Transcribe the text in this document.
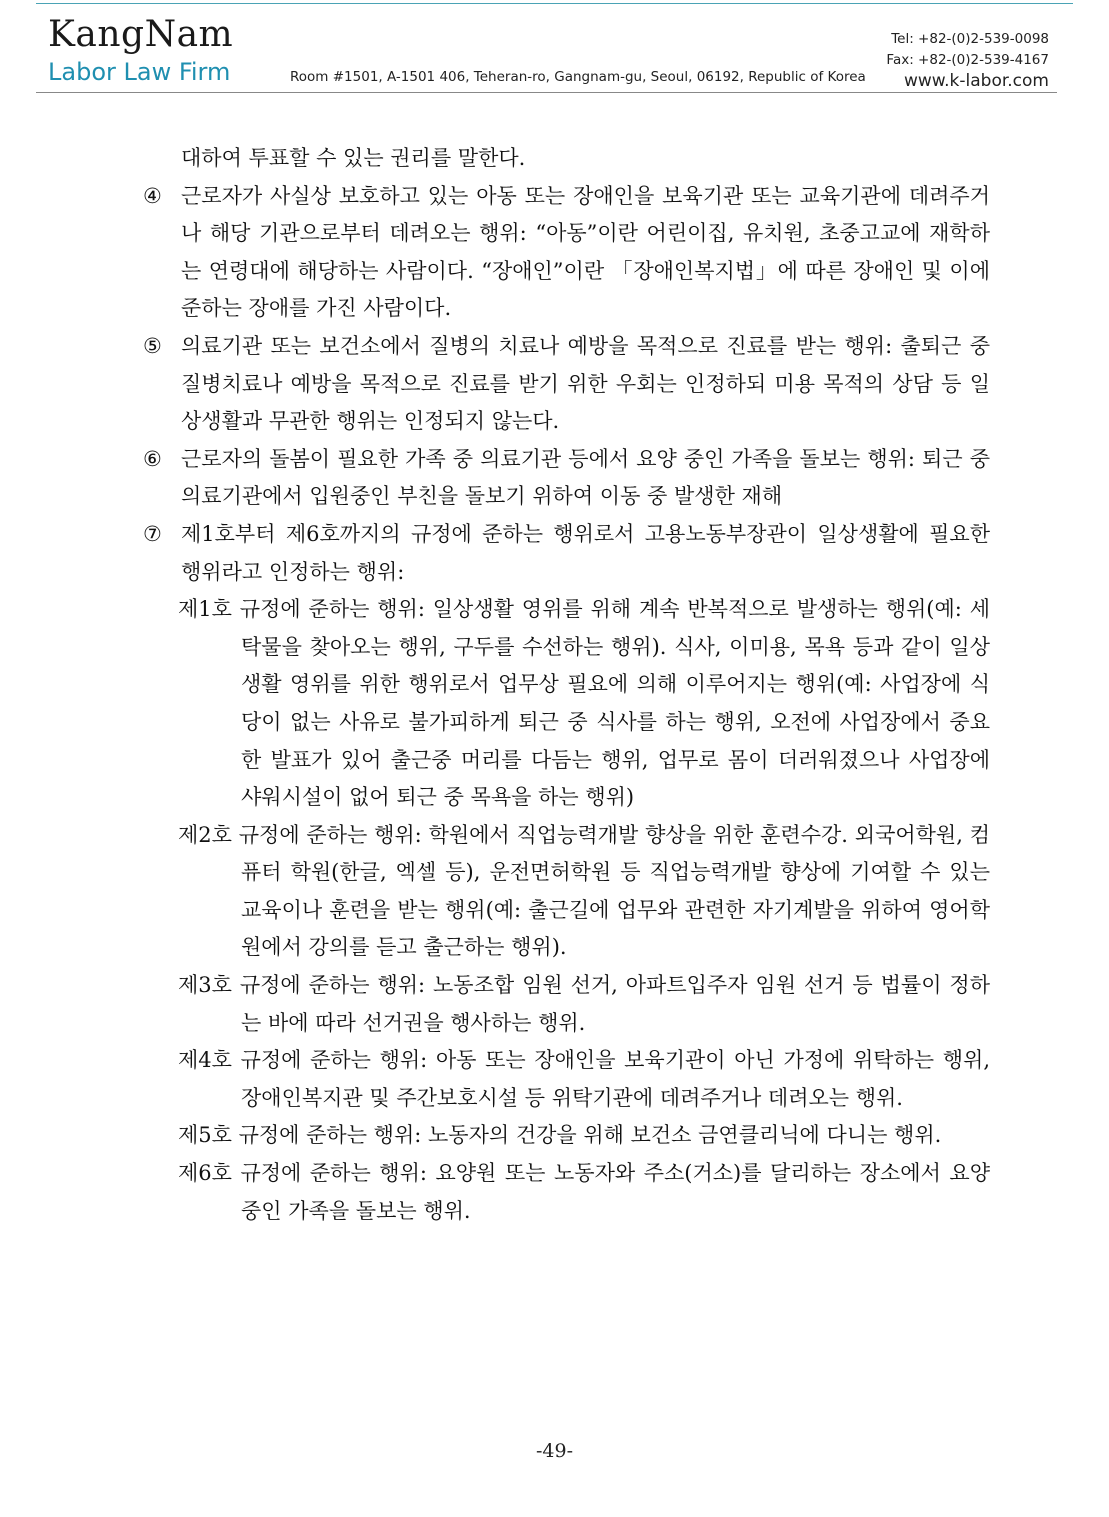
KangNam
Labor Law Firm	Room #1501, A-1501 406, Teheran-ro, Gangnam-gu, Seoul, 06192, Republic of Korea
Tel: +82-(0)2-539-0098
Fax: +82-(0)2-539-4167
www.k-labor.com
대하여 투표할 수 있는 권리를 말한다.
④ 근로자가 사실상 보호하고 있는 아동 또는 장애인을 보육기관 또는 교육기관에 데려주거나 해당 기관으로부터 데려오는 행위: “아동”이란 어린이집, 유치원, 초중고교에 재학하는 연령대에 해당하는 사람이다. “장애인”이란 「장애인복지법」에 따른 장애인 및 이에 준하는 장애를 가진 사람이다.
⑤ 의료기관 또는 보건소에서 질병의 치료나 예방을 목적으로 진료를 받는 행위: 출퇴근 중 질병치료나 예방을 목적으로 진료를 받기 위한 우회는 인정하되 미용 목적의 상담 등 일상생활과 무관한 행위는 인정되지 않는다.
⑥ 근로자의 돌봄이 필요한 가족 중 의료기관 등에서 요양 중인 가족을 돌보는 행위: 퇴근 중 의료기관에서 입원중인 부친을 돌보기 위하여 이동 중 발생한 재해
⑦ 제1호부터 제6호까지의 규정에 준하는 행위로서 고용노동부장관이 일상생활에 필요한 행위라고 인정하는 행위:
제1호 규정에 준하는 행위: 일상생활 영위를 위해 계속 반복적으로 발생하는 행위(예: 세탁물을 찾아오는 행위, 구두를 수선하는 행위). 식사, 이미용, 목욕 등과 같이 일상생활 영위를 위한 행위로서 업무상 필요에 의해 이루어지는 행위(예: 사업장에 식당이 없는 사유로 불가피하게 퇴근 중 식사를 하는 행위, 오전에 사업장에서 중요한 발표가 있어 출근중 머리를 다듬는 행위, 업무로 몸이 더러워졌으나 사업장에 샤워시설이 없어 퇴근 중 목욕을 하는 행위)
제2호 규정에 준하는 행위: 학원에서 직업능력개발 향상을 위한 훈련수강. 외국어학원, 컴퓨터 학원(한글, 엑셀 등), 운전면허학원 등 직업능력개발 향상에 기여할 수 있는 교육이나 훈련을 받는 행위(예: 출근길에 업무와 관련한 자기계발을 위하여 영어학원에서 강의를 듣고 출근하는 행위).
제3호 규정에 준하는 행위: 노동조합 임원 선거, 아파트입주자 임원 선거 등 법률이 정하는 바에 따라 선거권을 행사하는 행위.
제4호 규정에 준하는 행위: 아동 또는 장애인을 보육기관이 아닌 가정에 위탁하는 행위, 장애인복지관 및 주간보호시설 등 위탁기관에 데려주거나 데려오는 행위.
제5호 규정에 준하는 행위: 노동자의 건강을 위해 보건소 금연클리닉에 다니는 행위.
제6호 규정에 준하는 행위: 요양원 또는 노동자와 주소(거소)를 달리하는 장소에서 요양중인 가족을 돌보는 행위.
-49-
